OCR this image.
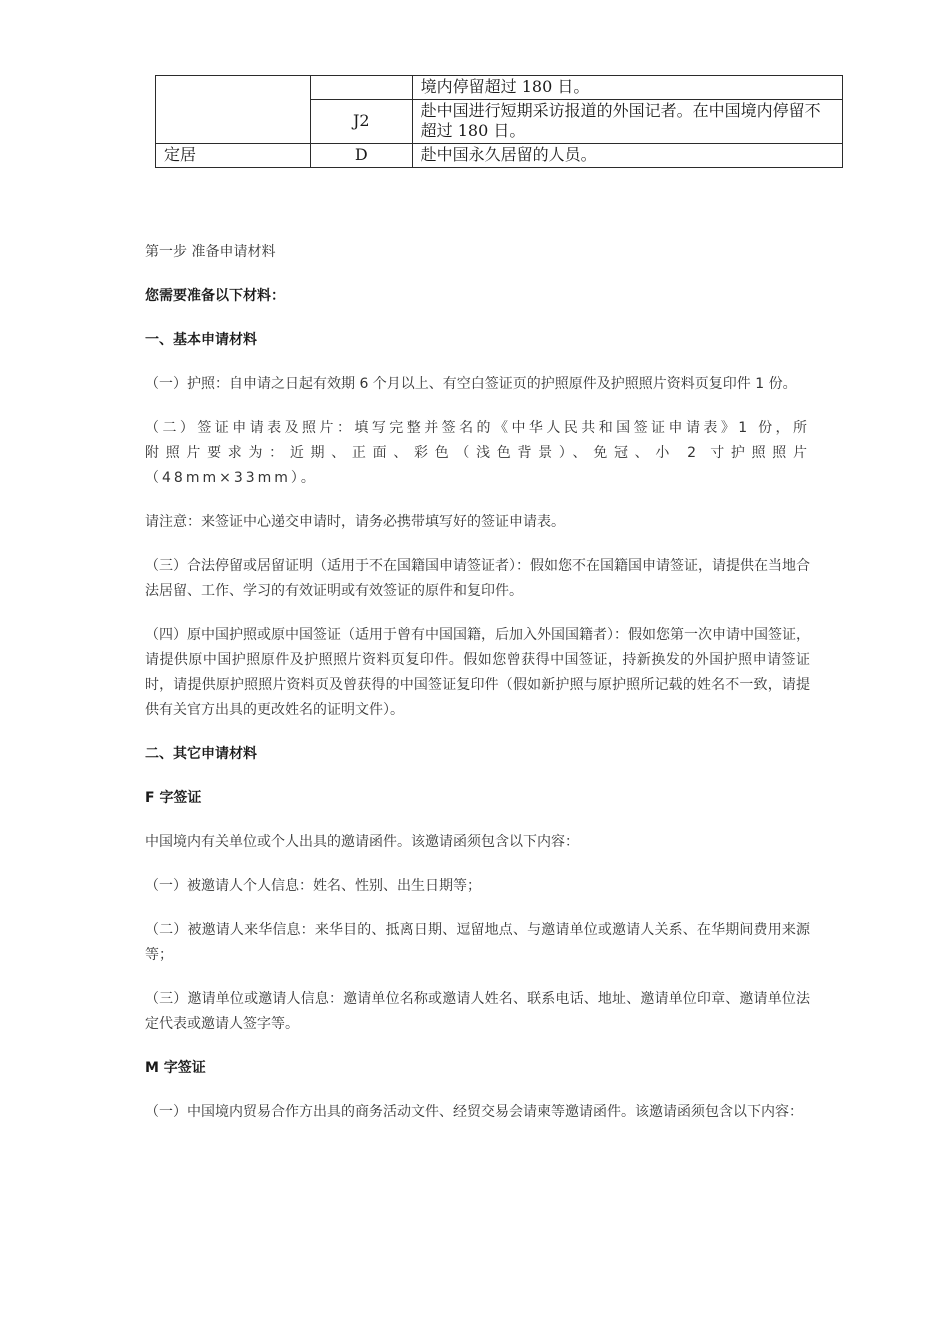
		境内停留超过 180 日。
	J2	赴中国进行短期采访报道的外国记者。在中国境内停留不超过 180 日。
定居	D	赴中国永久居留的人员。

第一步 准备申请材料

您需要准备以下材料：

一、基本申请材料

（一）护照：自申请之日起有效期 6 个月以上、有空白签证页的护照原件及护照照片资料页复印件 1 份。

（二）签证申请表及照片：填写完整并签名的《中华人民共和国签证申请表》1 份，所附照片要求为：近期、正面、彩色（浅色背景）、免冠、小 2 寸护照照片（48mm×33mm）。

请注意：来签证中心递交申请时，请务必携带填写好的签证申请表。

（三）合法停留或居留证明（适用于不在国籍国申请签证者）：假如您不在国籍国申请签证，请提供在当地合法居留、工作、学习的有效证明或有效签证的原件和复印件。

（四）原中国护照或原中国签证（适用于曾有中国国籍，后加入外国国籍者）：假如您第一次申请中国签证，请提供原中国护照原件及护照照片资料页复印件。假如您曾获得中国签证，持新换发的外国护照申请签证时，请提供原护照照片资料页及曾获得的中国签证复印件（假如新护照与原护照所记载的姓名不一致，请提供有关官方出具的更改姓名的证明文件）。

二、其它申请材料

F 字签证

中国境内有关单位或个人出具的邀请函件。该邀请函须包含以下内容：

（一）被邀请人个人信息：姓名、性别、出生日期等；

（二）被邀请人来华信息：来华目的、抵离日期、逗留地点、与邀请单位或邀请人关系、在华期间费用来源等；

（三）邀请单位或邀请人信息：邀请单位名称或邀请人姓名、联系电话、地址、邀请单位印章、邀请单位法定代表或邀请人签字等。

M 字签证

（一）中国境内贸易合作方出具的商务活动文件、经贸交易会请柬等邀请函件。该邀请函须包含以下内容：
